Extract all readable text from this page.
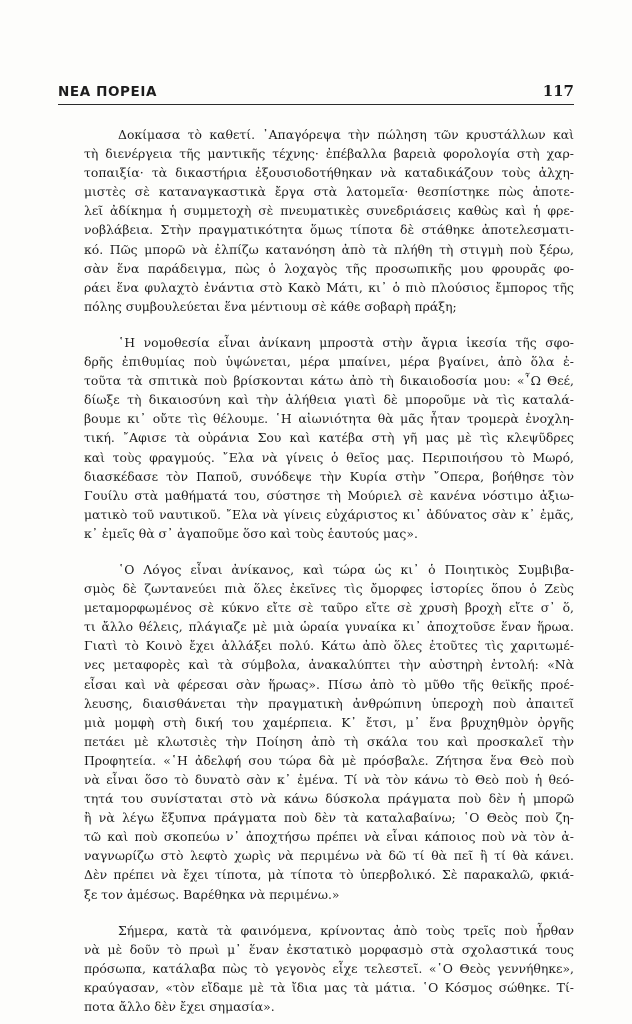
ΝΕΑ ΠΟΡΕΙΑ	117

Δοκίμασα τὸ καθετί. ᾿Απαγόρεψα τὴν πώληση τῶν κρυστάλλων καὶ
τὴ διενέργεια τῆς μαντικῆς τέχνης· ἐπέβαλλα βαρειὰ φορολογία στὴ χαρ-
τοπαιξία· τὰ δικαστήρια ἐξουσιοδοτήθηκαν νὰ καταδικάζουν τοὺς ἀλχη-
μιστὲς σὲ καταναγκαστικὰ ἔργα στὰ λατομεῖα· θεσπίστηκε πὼς ἀποτε-
λεῖ ἀδίκημα ἡ συμμετοχὴ σὲ πνευματικὲς συνεδριάσεις καθὼς καὶ ἡ φρε-
νοβλάβεια. Στὴν πραγματικότητα ὅμως τίποτα δὲ στάθηκε ἀποτελεσματι-
κό. Πῶς μπορῶ νὰ ἐλπίζω κατανόηση ἀπὸ τὰ πλήθη τὴ στιγμὴ ποὺ ξέρω,
σὰν ἕνα παράδειγμα, πὼς ὁ λοχαγὸς τῆς προσωπικῆς μου φρουρᾶς φο-
ράει ἕνα φυλαχτὸ ἐνάντια στὸ Κακὸ Μάτι, κι᾿ ὁ πιὸ πλούσιος ἔμπορος τῆς
πόλης συμβουλεύεται ἕνα μέντιουμ σὲ κάθε σοβαρὴ πράξη;

῾Η νομοθεσία εἶναι ἀνίκανη μπροστὰ στὴν ἄγρια ἱκεσία τῆς σφο-
δρῆς ἐπιθυμίας ποὺ ὑψώνεται, μέρα μπαίνει, μέρα βγαίνει, ἀπὸ ὅλα ἐ-
τοῦτα τὰ σπιτικὰ ποὺ βρίσκονται κάτω ἀπὸ τὴ δικαιοδοσία μου: «῏Ω Θεέ,
δίωξε τὴ δικαιοσύνη καὶ τὴν ἀλήθεια γιατὶ δὲ μποροῦμε νὰ τὶς καταλά-
βουμε κι᾿ οὔτε τὶς θέλουμε. ῾Η αἰωνιότητα θὰ μᾶς ἦταν τρομερὰ ἐνοχλη-
τική. ῎Αφισε τὰ οὐράνια Σου καὶ κατέβα στὴ γῆ μας μὲ τὶς κλεψῦδρες
καὶ τοὺς φραγμούς. ῎Ελα νὰ γίνεις ὁ θεῖος μας. Περιποιήσου τὸ Μωρό,
διασκέδασε τὸν Παποῦ, συνόδεψε τὴν Κυρία στὴν ῎Οπερα, βοήθησε τὸν
Γουίλυ στὰ μαθήματά του, σύστησε τὴ Μούριελ σὲ κανένα νόστιμο ἀξιω-
ματικὸ τοῦ ναυτικοῦ. ῎Ελα νὰ γίνεις εὐχάριστος κι᾿ ἀδύνατος σὰν κ᾿ ἐμᾶς,
κ᾿ ἐμεῖς θὰ σ᾿ ἀγαποῦμε ὅσο καὶ τοὺς ἑαυτούς μας».

῾Ο Λόγος εἶναι ἀνίκανος, καὶ τώρα ὡς κι᾿ ὁ Ποιητικὸς Συμβιβα-
σμὸς δὲ ζωντανεύει πιὰ ὅλες ἐκεῖνες τὶς ὄμορφες ἱστορίες ὅπου ὁ Ζεὺς
μεταμορφωμένος σὲ κύκνο εἴτε σὲ ταῦρο εἴτε σὲ χρυσὴ βροχὴ εἴτε σ᾿ ὅ,
τι ἄλλο θέλεις, πλάγιαζε μὲ μιὰ ὡραία γυναίκα κι᾿ ἀποχτοῦσε ἕναν ἥρωα.
Γιατὶ τὸ Κοινὸ ἔχει ἀλλάξει πολύ. Κάτω ἀπὸ ὅλες ἐτοῦτες τὶς χαριτωμέ-
νες μεταφορὲς καὶ τὰ σύμβολα, ἀνακαλύπτει τὴν αὐστηρὴ ἐντολή: «Νὰ
εἶσαι καὶ νὰ φέρεσαι σὰν ἥρωας». Πίσω ἀπὸ τὸ μῦθο τῆς θεϊκῆς προέ-
λευσης, διαισθάνεται τὴν πραγματικὴ ἀνθρώπινη ὑπεροχὴ ποὺ ἀπαιτεῖ
μιὰ μομφὴ στὴ δική του χαμέρπεια. Κ᾿ ἔτσι, μ᾿ ἕνα βρυχηθμὸν ὀργῆς
πετάει μὲ κλωτσιὲς τὴν Ποίηση ἀπὸ τὴ σκάλα του καὶ προσκαλεῖ τὴν
Προφητεία. «῾Η ἀδελφή σου τώρα δὰ μὲ πρόσβαλε. Ζήτησα ἕνα Θεὸ ποὺ
νὰ εἶναι ὅσο τὸ δυνατὸ σὰν κ᾿ ἐμένα. Τί νὰ τὸν κάνω τὸ Θεὸ ποὺ ἡ θεό-
τητά του συνίσταται στὸ νὰ κάνω δύσκολα πράγματα ποὺ δὲν ἡ μπορῶ
ἢ νὰ λέγω ἔξυπνα πράγματα ποὺ δὲν τὰ καταλαβαίνω; ῾Ο Θεὸς ποὺ ζη-
τῶ καὶ ποὺ σκοπεύω ν᾿ ἀποχτήσω πρέπει νὰ εἶναι κάποιος ποὺ νὰ τὸν ἀ-
ναγνωρίζω στὸ λεφτὸ χωρὶς νὰ περιμένω νὰ δῶ τί θὰ πεῖ ἢ τί θὰ κάνει.
Δὲν πρέπει νὰ ἔχει τίποτα, μὰ τίποτα τὸ ὑπερβολικό. Σὲ παρακαλῶ, φκιά-
ξε τον ἀμέσως. Βαρέθηκα νὰ περιμένω.»

Σήμερα, κατὰ τὰ φαινόμενα, κρίνοντας ἀπὸ τοὺς τρεῖς ποὺ ἦρθαν
νὰ μὲ δοῦν τὸ πρωὶ μ᾿ ἕναν ἐκστατικὸ μορφασμὸ στὰ σχολαστικά τους
πρόσωπα, κατάλαβα πὼς τὸ γεγονὸς εἶχε τελεστεῖ. «῾Ο Θεὸς γεννήθηκε»,
κραύγασαν, «τὸν εἴδαμε μὲ τὰ ἴδια μας τὰ μάτια. ῾Ο Κόσμος σώθηκε. Τί-
ποτα ἄλλο δὲν ἔχει σημασία».
